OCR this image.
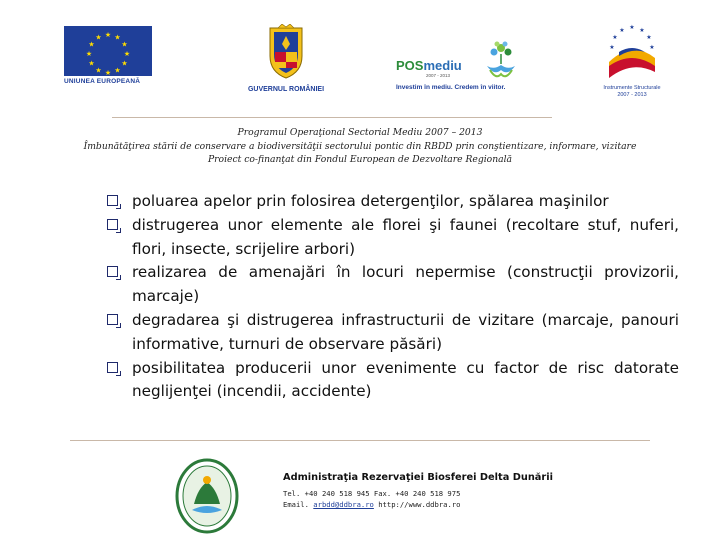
★ ★
★
★
★
★
★
★
★
★
★
★
UNIUNEA EUROPEANĂ
GUVERNUL ROMÂNIEI
POSmediu
2007 - 2013
Investim în mediu. Credem în viitor.
★ ★
★
★
★
★	★
Instrumente Structurale
2007 - 2013
Programul Operaţional Sectorial Mediu 2007 – 2013
Îmbunătăţirea stării de conservare a biodiversităţii sectorului pontic din RBDD prin conştientizare, informare, vizitare
Proiect co-finanţat din Fondul European de Dezvoltare Regională
poluarea apelor prin folosirea detergenţilor, spălarea maşinilor
distrugerea unor elemente ale florei şi faunei (recoltare stuf, nuferi, flori, insecte, scrijelire arbori)
realizarea de amenajări în locuri nepermise (construcţii provizorii, marcaje)
degradarea şi distrugerea infrastructurii de vizitare (marcaje, panouri informative, turnuri de observare păsări)
posibilitatea producerii unor evenimente cu factor de risc datorate neglijenţei (incendii, accidente)
Administraţia Rezervaţiei Biosferei Delta Dunării
Tel. +40 240 518 945 Fax. +40 240 518 975
Email. arbdd@ddbra.ro http://www.ddbra.ro
